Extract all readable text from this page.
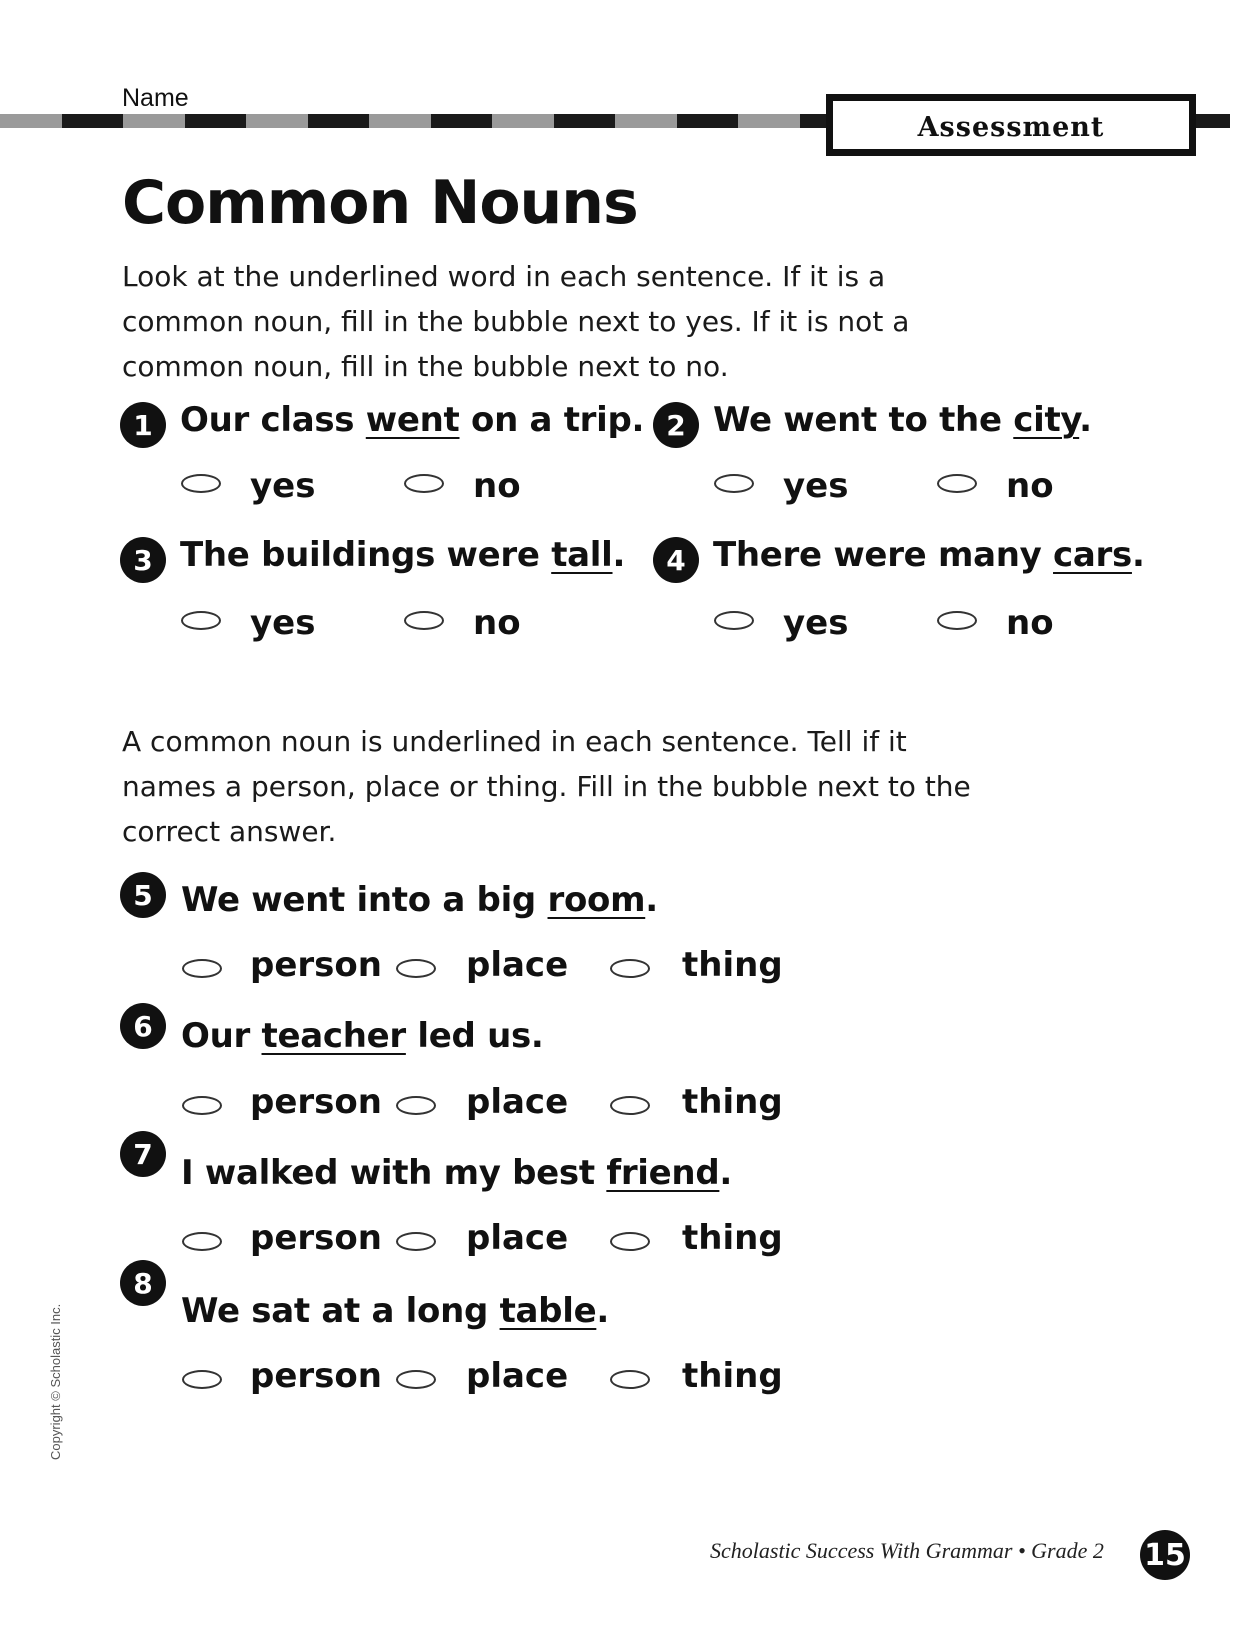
Name
Assessment
Common Nouns
Look at the underlined word in each sentence. If it is a common noun, fill in the bubble next to yes. If it is not a common noun, fill in the bubble next to no.
1 Our class went on a trip.
yes	no
2 We went to the city.
yes	no
3 The buildings were tall.
yes	no
4 There were many cars.
yes	no
A common noun is underlined in each sentence. Tell if it names a person, place or thing. Fill in the bubble next to the correct answer.
5 We went into a big room.
person place	thing
6 Our teacher led us.
person place	thing
7 I walked with my best friend.
person place	thing
8
We sat at a long table.
person place	thing
Copyright © Scholastic Inc.
Scholastic Success With Grammar • Grade 2 15
